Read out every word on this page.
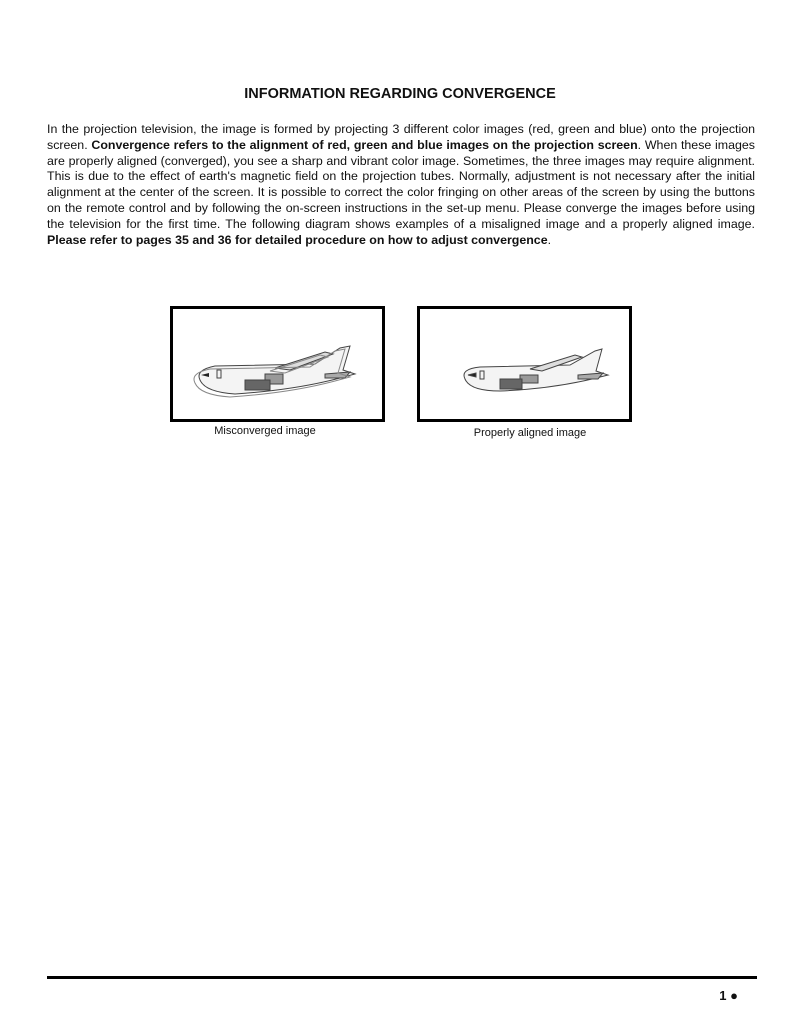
INFORMATION REGARDING CONVERGENCE

In the projection television, the image is formed by projecting 3 different color images (red, green and blue) onto the projection screen. Convergence refers to the alignment of red, green and blue images on the projection screen. When these images are properly aligned (converged), you see a sharp and vibrant color image. Sometimes, the three images may require alignment. This is due to the effect of earth's magnetic field on the projection tubes. Normally, adjustment is not necessary after the initial alignment at the center of the screen. It is possible to correct the color fringing on other areas of the screen by using the buttons on the remote control and by following the on-screen instructions in the set-up menu. Please converge the images before using the television for the first time. The following diagram shows examples of a misaligned image and a properly aligned image. Please refer to pages 35 and 36 for detailed procedure on how to adjust convergence.

Misconverged image	Properly aligned image
1 ●
